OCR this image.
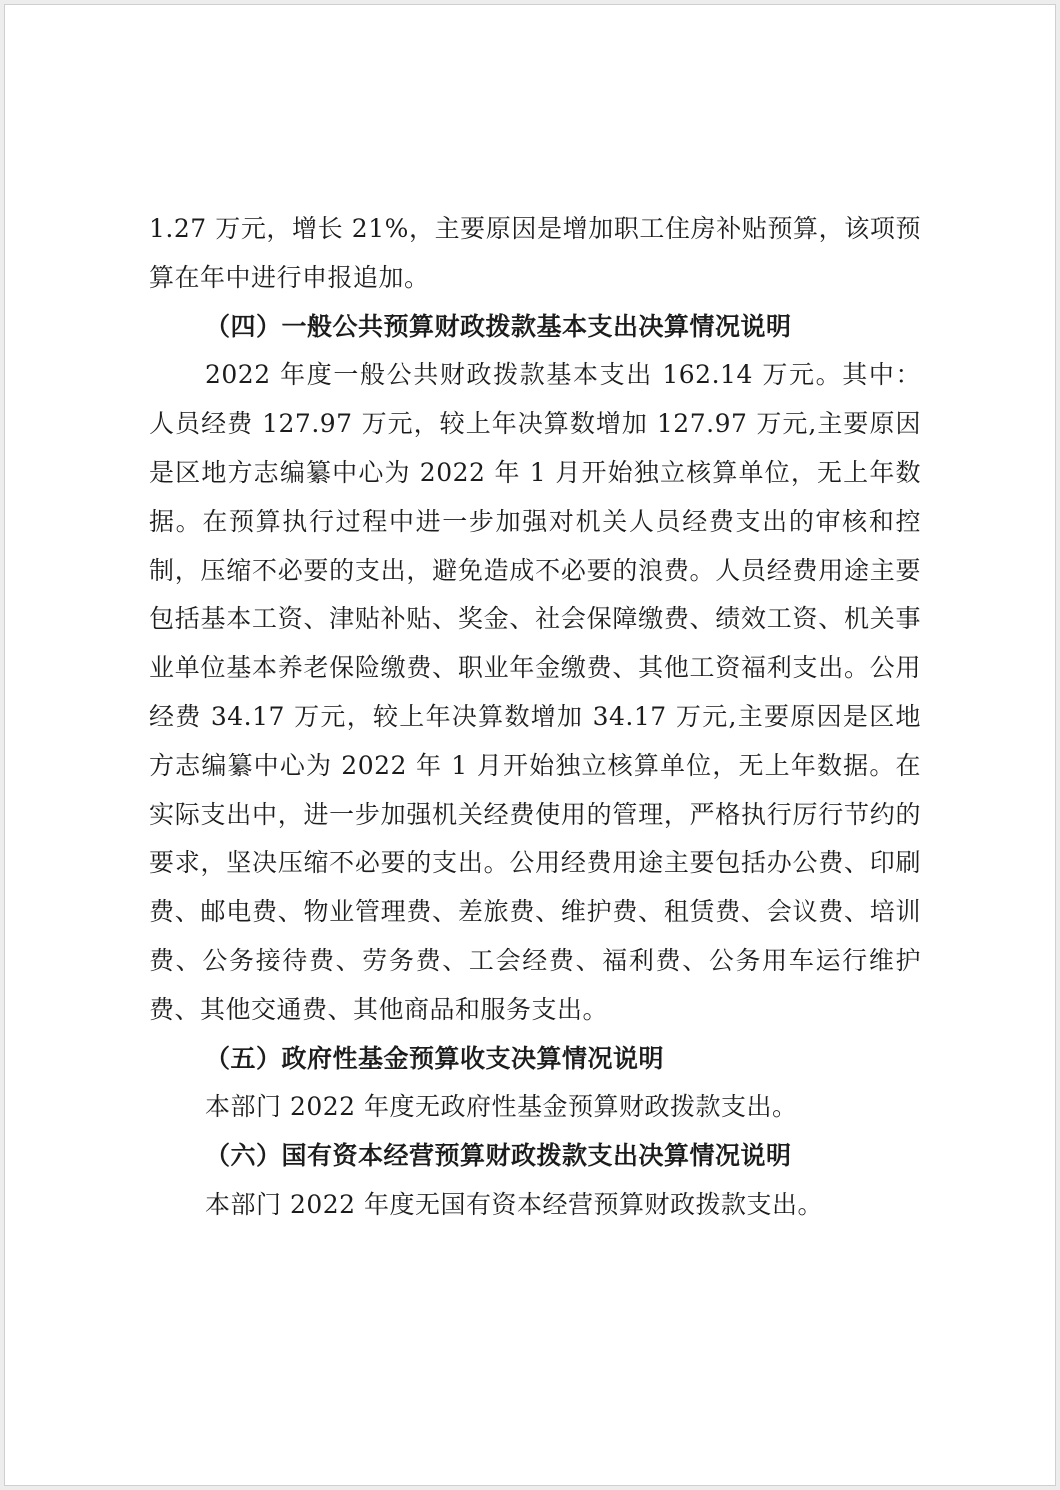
1.27 万元，增长 21%，主要原因是增加职工住房补贴预算，该项预算在年中进行申报追加。

（四）一般公共预算财政拨款基本支出决算情况说明

2022 年度一般公共财政拨款基本支出 162.14 万元。其中：人员经费 127.97 万元，较上年决算数增加 127.97 万元,主要原因是区地方志编纂中心为 2022 年 1 月开始独立核算单位，无上年数据。在预算执行过程中进一步加强对机关人员经费支出的审核和控制，压缩不必要的支出，避免造成不必要的浪费。人员经费用途主要包括基本工资、津贴补贴、奖金、社会保障缴费、绩效工资、机关事业单位基本养老保险缴费、职业年金缴费、其他工资福利支出。公用经费 34.17 万元，较上年决算数增加 34.17 万元,主要原因是区地方志编纂中心为 2022 年 1 月开始独立核算单位，无上年数据。在实际支出中，进一步加强机关经费使用的管理，严格执行厉行节约的要求，坚决压缩不必要的支出。公用经费用途主要包括办公费、印刷费、邮电费、物业管理费、差旅费、维护费、租赁费、会议费、培训费、公务接待费、劳务费、工会经费、福利费、公务用车运行维护费、其他交通费、其他商品和服务支出。

（五）政府性基金预算收支决算情况说明

本部门 2022 年度无政府性基金预算财政拨款支出。

（六）国有资本经营预算财政拨款支出决算情况说明

本部门 2022 年度无国有资本经营预算财政拨款支出。
